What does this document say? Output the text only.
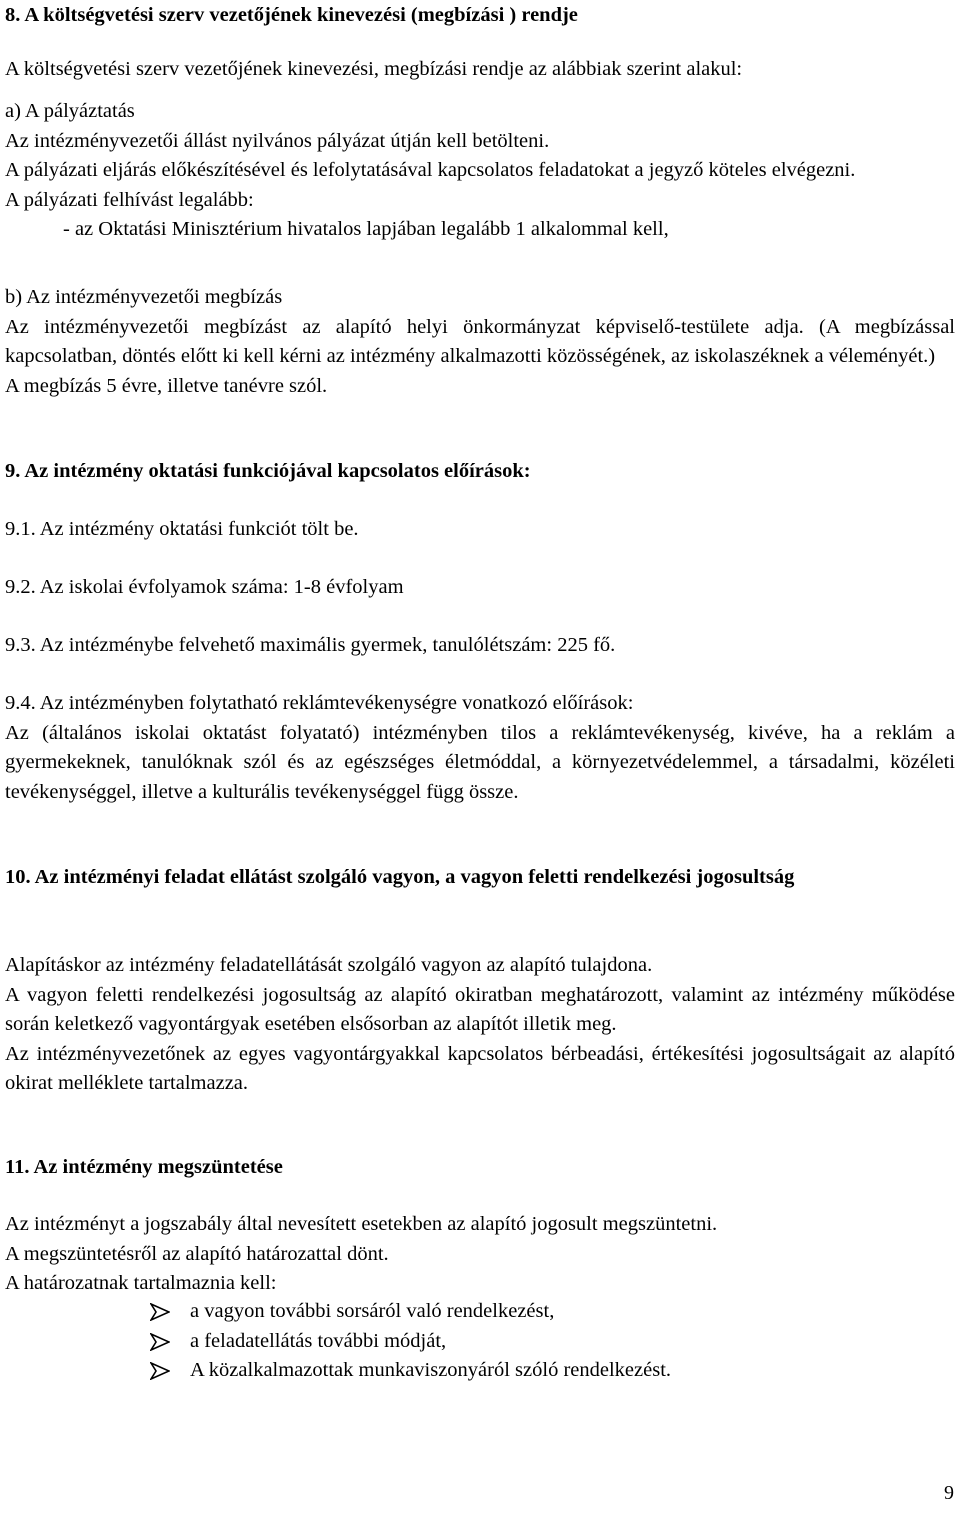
8. A költségvetési szerv vezetőjének kinevezési (megbízási ) rendje

A költségvetési szerv vezetőjének kinevezési, megbízási rendje az alábbiak szerint alakul:

a) A pályáztatás
Az intézményvezetői állást nyilvános pályázat útján kell betölteni.
A pályázati eljárás előkészítésével és lefolytatásával kapcsolatos feladatokat a jegyző köteles elvégezni.
A pályázati felhívást legalább:
- az Oktatási Minisztérium hivatalos lapjában legalább 1 alkalommal kell,
b) Az intézményvezetői megbízás
Az intézményvezetői megbízást az alapító helyi önkormányzat képviselő-testülete adja. (A megbízással kapcsolatban, döntés előtt ki kell kérni az intézmény alkalmazotti közösségének, az iskolaszéknek a véleményét.)
A megbízás 5 évre, illetve tanévre szól.

9. Az intézmény oktatási funkciójával kapcsolatos előírások:

9.1. Az intézmény oktatási funkciót tölt be.

9.2. Az iskolai évfolyamok száma: 1-8 évfolyam

9.3. Az intézménybe felvehető maximális gyermek, tanulólétszám: 225 fő.

9.4. Az intézményben folytatható reklámtevékenységre vonatkozó előírások:
Az (általános iskolai oktatást folyatató) intézményben tilos a reklámtevékenység, kivéve, ha a reklám a gyermekeknek, tanulóknak szól és az egészséges életmóddal, a környezetvédelemmel, a társadalmi, közéleti tevékenységgel, illetve a kulturális tevékenységgel függ össze.

10. Az intézményi feladat ellátást szolgáló vagyon, a vagyon feletti rendelkezési jogosultság

Alapításkor az intézmény feladatellátását szolgáló vagyon az alapító tulajdona.
A vagyon feletti rendelkezési jogosultság az alapító okiratban meghatározott, valamint az intézmény működése során keletkező vagyontárgyak esetében elsősorban az alapítót illetik meg.
Az intézményvezetőnek az egyes vagyontárgyakkal kapcsolatos bérbeadási, értékesítési jogosultságait az alapító okirat melléklete tartalmazza.

11. Az intézmény megszüntetése

Az intézményt a jogszabály által nevesített esetekben az alapító jogosult megszüntetni.
A megszüntetésről az alapító határozattal dönt.
A határozatnak tartalmaznia kell:
a vagyon további sorsáról való rendelkezést,
a feladatellátás további módját,
A közalkalmazottak munkaviszonyáról szóló rendelkezést.
9
